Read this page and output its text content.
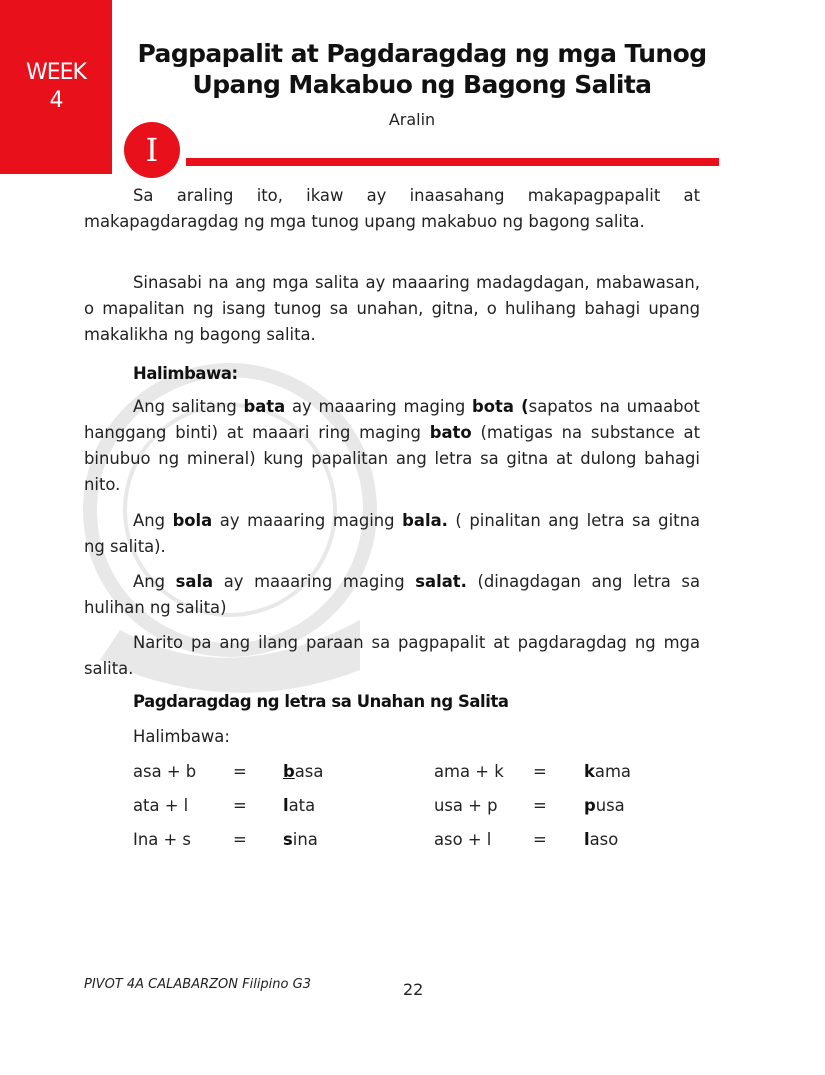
WEEK
4
Pagpapalit at Pagdaragdag ng mga Tunog
Upang Makabuo ng Bagong Salita
Aralin
I

Sa araling ito, ikaw ay inaasahang makapagpapalit at makapagdaragdag ng mga tunog upang makabuo ng bagong salita.

Sinasabi na ang mga salita ay maaaring madagdagan, mabawasan, o mapalitan ng isang tunog sa unahan, gitna, o hulihang bahagi upang makalikha ng bagong salita.

Halimbawa:

Ang salitang bata ay maaaring maging bota (sapatos na umaabot hanggang binti) at maaari ring maging bato (matigas na substance at binubuo ng mineral) kung papalitan ang letra sa gitna at dulong bahagi nito.

Ang bola ay maaaring maging bala. ( pinalitan ang letra sa gitna ng salita).

Ang sala ay maaaring maging salat. (dinagdagan ang letra sa hulihan ng salita)

Narito pa ang ilang paraan sa pagpapalit at pagdaragdag ng mga salita.

Pagdaragdag ng letra sa Unahan ng Salita
Halimbawa:
asa + b = basa	ama + k = kama
ata + l	= lata	usa + p = pusa
Ina + s	= sina	aso + l	= laso
PIVOT 4A CALABARZON Filipino G3	22
